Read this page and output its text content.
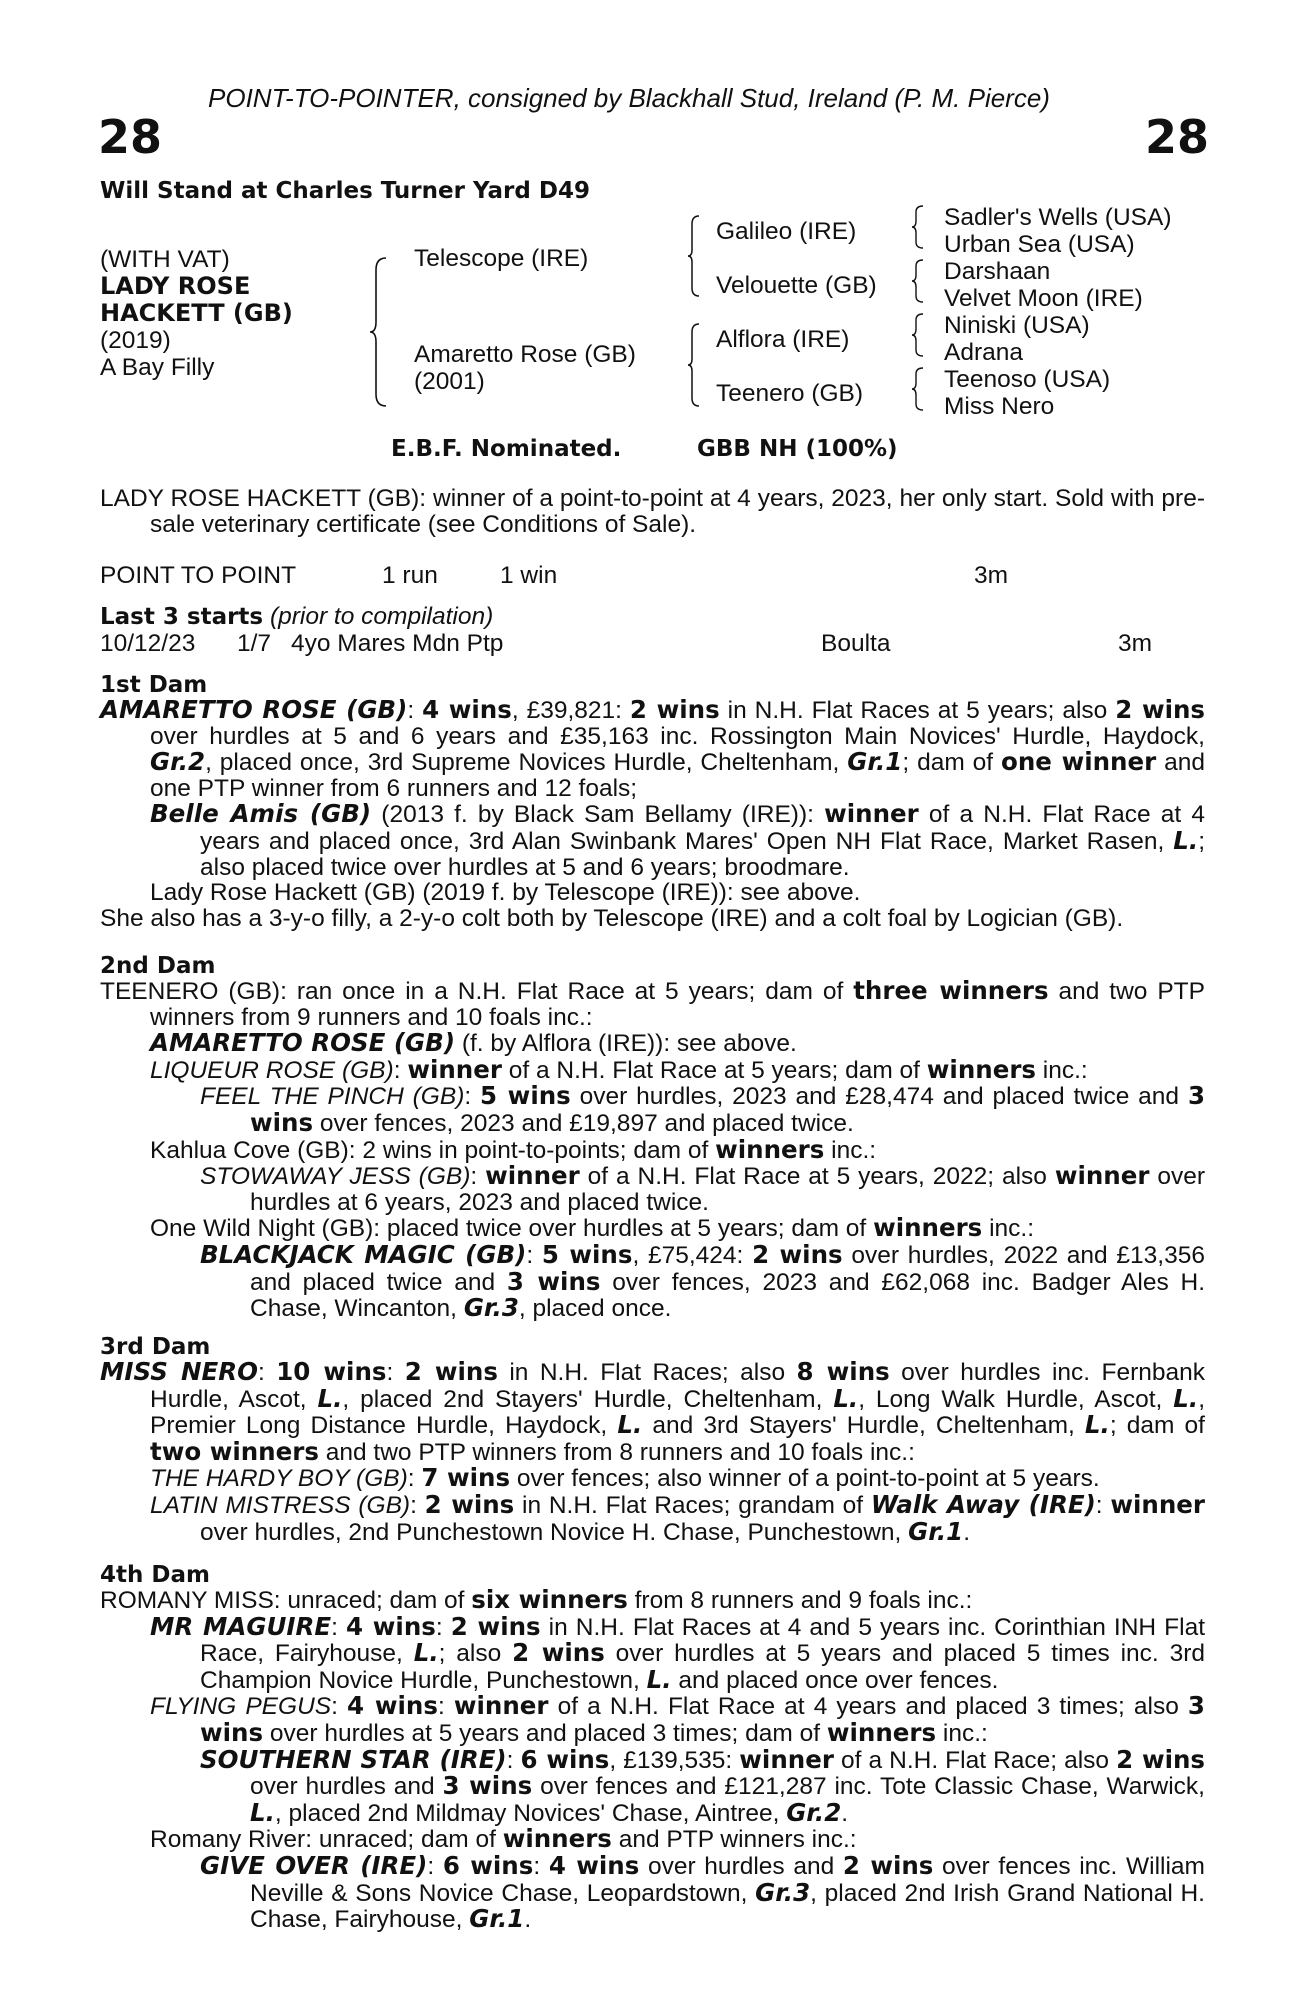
POINT-TO-POINTER, consigned by Blackhall Stud, Ireland (P. M. Pierce)
28	28
Will Stand at Charles Turner Yard D49
(WITH VAT)
LADY ROSE
HACKETT (GB)
(2019)
A Bay Filly
Telescope (IRE)
Amaretto Rose (GB)
(2001)
Galileo (IRE)
Velouette (GB)
Alflora (IRE)
Teenero (GB)
Sadler's Wells (USA)
Urban Sea (USA)
Darshaan
Velvet Moon (IRE)
Niniski (USA)
Adrana
Teenoso (USA)
Miss Nero
E.B.F. Nominated.	GBB NH (100%)

LADY ROSE HACKETT (GB): winner of a point-to-point at 4 years, 2023, her only start. Sold with pre-sale veterinary certificate (see Conditions of Sale).

POINT TO POINT	1 run	1 win	3m
Last 3 starts (prior to compilation)
10/12/23 1/7 4yo Mares Mdn Ptp	Boulta	3m
1st Dam

AMARETTO ROSE (GB): 4 wins, £39,821: 2 wins in N.H. Flat Races at 5 years; also 2 wins over hurdles at 5 and 6 years and £35,163 inc. Rossington Main Novices' Hurdle, Haydock, Gr.2, placed once, 3rd Supreme Novices Hurdle, Cheltenham, Gr.1; dam of one winner and one PTP winner from 6 runners and 12 foals;

Belle Amis (GB) (2013 f. by Black Sam Bellamy (IRE)): winner of a N.H. Flat Race at 4 years and placed once, 3rd Alan Swinbank Mares' Open NH Flat Race, Market Rasen, L.; also placed twice over hurdles at 5 and 6 years; broodmare.

Lady Rose Hackett (GB) (2019 f. by Telescope (IRE)): see above.

She also has a 3-y-o filly, a 2-y-o colt both by Telescope (IRE) and a colt foal by Logician (GB).

2nd Dam

TEENERO (GB): ran once in a N.H. Flat Race at 5 years; dam of three winners and two PTP winners from 9 runners and 10 foals inc.:

AMARETTO ROSE (GB) (f. by Alflora (IRE)): see above.

LIQUEUR ROSE (GB): winner of a N.H. Flat Race at 5 years; dam of winners inc.:

FEEL THE PINCH (GB): 5 wins over hurdles, 2023 and £28,474 and placed twice and 3 wins over fences, 2023 and £19,897 and placed twice.

Kahlua Cove (GB): 2 wins in point-to-points; dam of winners inc.:

STOWAWAY JESS (GB): winner of a N.H. Flat Race at 5 years, 2022; also winner over hurdles at 6 years, 2023 and placed twice.

One Wild Night (GB): placed twice over hurdles at 5 years; dam of winners inc.:

BLACKJACK MAGIC (GB): 5 wins, £75,424: 2 wins over hurdles, 2022 and £13,356 and placed twice and 3 wins over fences, 2023 and £62,068 inc. Badger Ales H. Chase, Wincanton, Gr.3, placed once.

3rd Dam

MISS NERO: 10 wins: 2 wins in N.H. Flat Races; also 8 wins over hurdles inc. Fernbank Hurdle, Ascot, L., placed 2nd Stayers' Hurdle, Cheltenham, L., Long Walk Hurdle, Ascot, L., Premier Long Distance Hurdle, Haydock, L. and 3rd Stayers' Hurdle, Cheltenham, L.; dam of two winners and two PTP winners from 8 runners and 10 foals inc.:

THE HARDY BOY (GB): 7 wins over fences; also winner of a point-to-point at 5 years.

LATIN MISTRESS (GB): 2 wins in N.H. Flat Races; grandam of Walk Away (IRE): winner over hurdles, 2nd Punchestown Novice H. Chase, Punchestown, Gr.1.

4th Dam

ROMANY MISS: unraced; dam of six winners from 8 runners and 9 foals inc.:

MR MAGUIRE: 4 wins: 2 wins in N.H. Flat Races at 4 and 5 years inc. Corinthian INH Flat Race, Fairyhouse, L.; also 2 wins over hurdles at 5 years and placed 5 times inc. 3rd Champion Novice Hurdle, Punchestown, L. and placed once over fences.

FLYING PEGUS: 4 wins: winner of a N.H. Flat Race at 4 years and placed 3 times; also 3 wins over hurdles at 5 years and placed 3 times; dam of winners inc.:

SOUTHERN STAR (IRE): 6 wins, £139,535: winner of a N.H. Flat Race; also 2 wins over hurdles and 3 wins over fences and £121,287 inc. Tote Classic Chase, Warwick, L., placed 2nd Mildmay Novices' Chase, Aintree, Gr.2.

Romany River: unraced; dam of winners and PTP winners inc.:

GIVE OVER (IRE): 6 wins: 4 wins over hurdles and 2 wins over fences inc. William Neville & Sons Novice Chase, Leopardstown, Gr.3, placed 2nd Irish Grand National H. Chase, Fairyhouse, Gr.1.
